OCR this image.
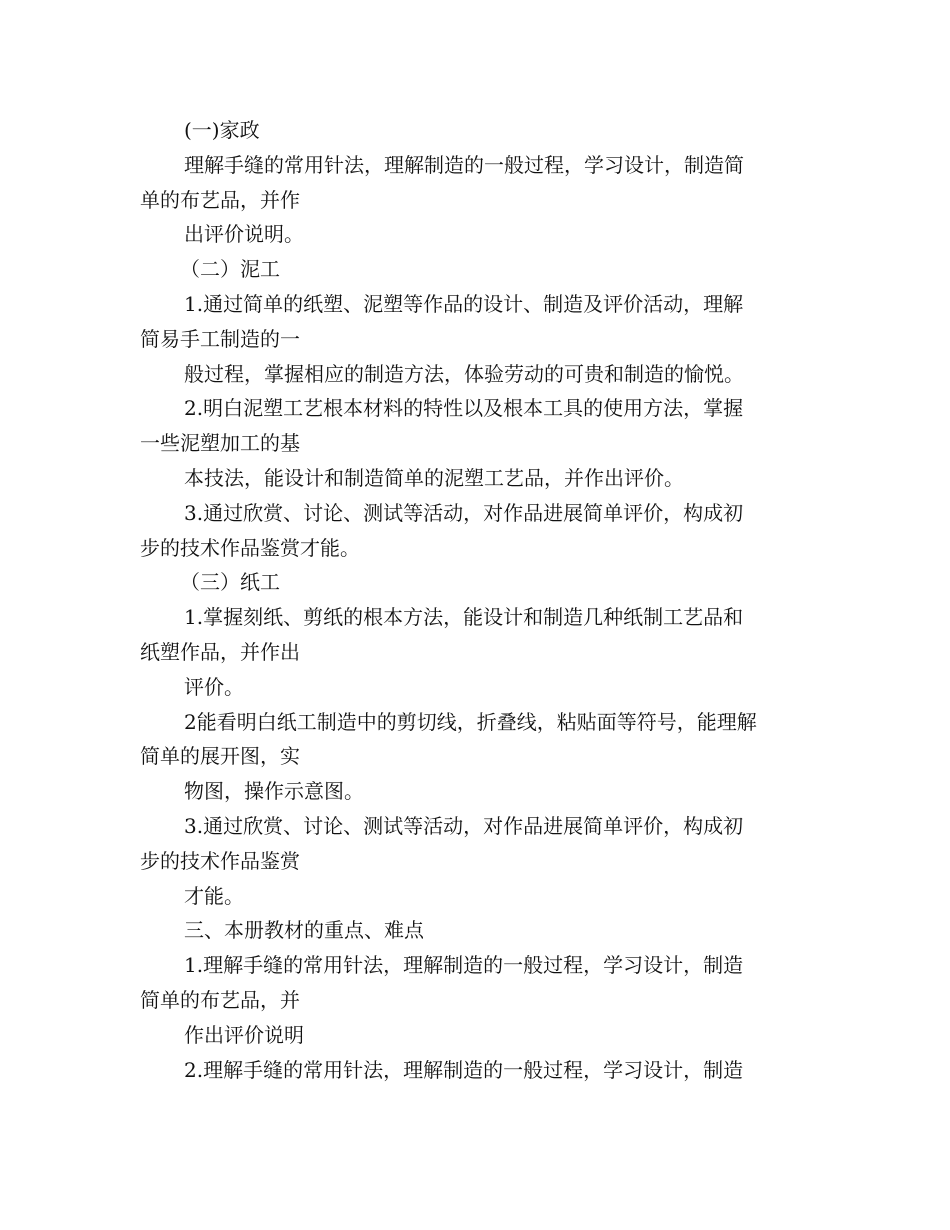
(一)家政
理解手缝的常用针法，理解制造的一般过程，学习设计，制造简
单的布艺品，并作
出评价说明。
（二）泥工
1.通过简单的纸塑、泥塑等作品的设计、制造及评价活动，理解
简易手工制造的一
般过程，掌握相应的制造方法，体验劳动的可贵和制造的愉悦。
2.明白泥塑工艺根本材料的特性以及根本工具的使用方法，掌握
一些泥塑加工的基
本技法，能设计和制造简单的泥塑工艺品，并作出评价。
3.通过欣赏、讨论、测试等活动，对作品进展简单评价，构成初
步的技术作品鉴赏才能。
（三）纸工
1.掌握刻纸、剪纸的根本方法，能设计和制造几种纸制工艺品和
纸塑作品，并作出
评价。
2能看明白纸工制造中的剪切线，折叠线，粘贴面等符号，能理解
简单的展开图，实
物图，操作示意图。
3.通过欣赏、讨论、测试等活动，对作品进展简单评价，构成初
步的技术作品鉴赏
才能。
三、本册教材的重点、难点
1.理解手缝的常用针法，理解制造的一般过程，学习设计，制造
简单的布艺品，并
作出评价说明
2.理解手缝的常用针法，理解制造的一般过程，学习设计，制造
